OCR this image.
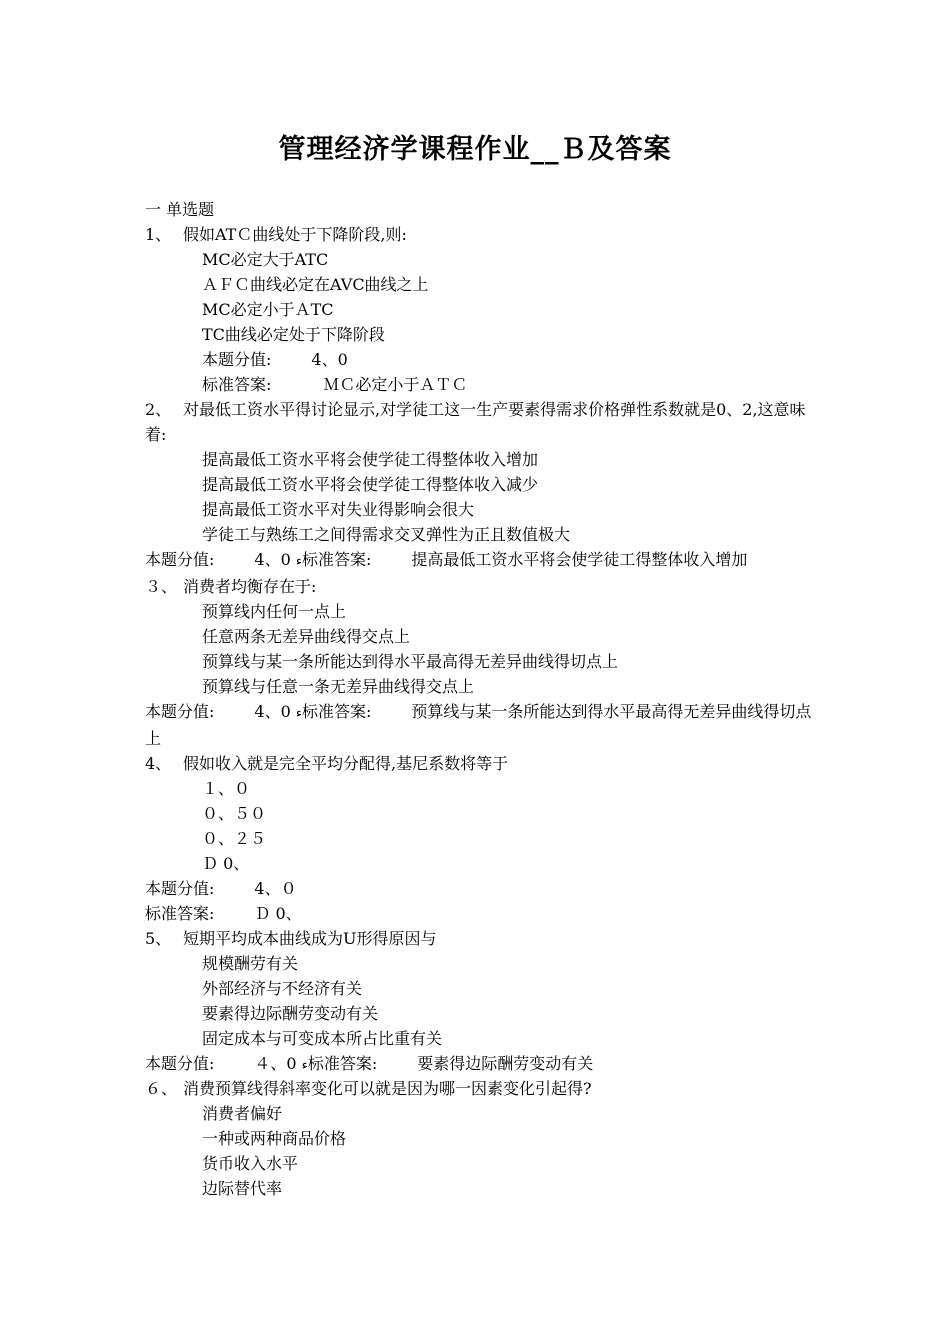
管理经济学课程作业__Ｂ及答案
一 单选题
1、 假如ATＣ曲线处于下降阶段,则:
MC必定大于ATC
ＡＦＣ曲线必定在AVC曲线之上
MC必定小于ＡTC
TC曲线必定处于下降阶段
本题分值:	4、0
标准答案:	ＭＣ必定小于ＡＴＣ
2、 对最低工资水平得讨论显示,对学徒工这一生产要素得需求价格弹性系数就是0、2,这意味着:
提高最低工资水平将会使学徒工得整体收入增加
提高最低工资水平将会使学徒工得整体收入减少
提高最低工资水平对失业得影响会很大
学徒工与熟练工之间得需求交叉弹性为正且数值极大
本题分值:	4、0 ء标准答案:	提高最低工资水平将会使学徒工得整体收入增加
３、 消费者均衡存在于:
预算线内任何一点上
任意两条无差异曲线得交点上
预算线与某一条所能达到得水平最高得无差异曲线得切点上
预算线与任意一条无差异曲线得交点上
本题分值:	4、0 ء标准答案:	预算线与某一条所能达到得水平最高得无差异曲线得切点上
4、 假如收入就是完全平均分配得,基尼系数将等于
１、０
０、５０
０、２５
Ｄ 0、
本题分值:	4、０
标准答案:	Ｄ 0、
5、 短期平均成本曲线成为U形得原因与
规模酬劳有关
外部经济与不经济有关
要素得边际酬劳变动有关
固定成本与可变成本所占比重有关
本题分值:	４、0 ء标准答案:	要素得边际酬劳变动有关
６、 消费预算线得斜率变化可以就是因为哪一因素变化引起得?
消费者偏好
一种或两种商品价格
货币收入水平
边际替代率
